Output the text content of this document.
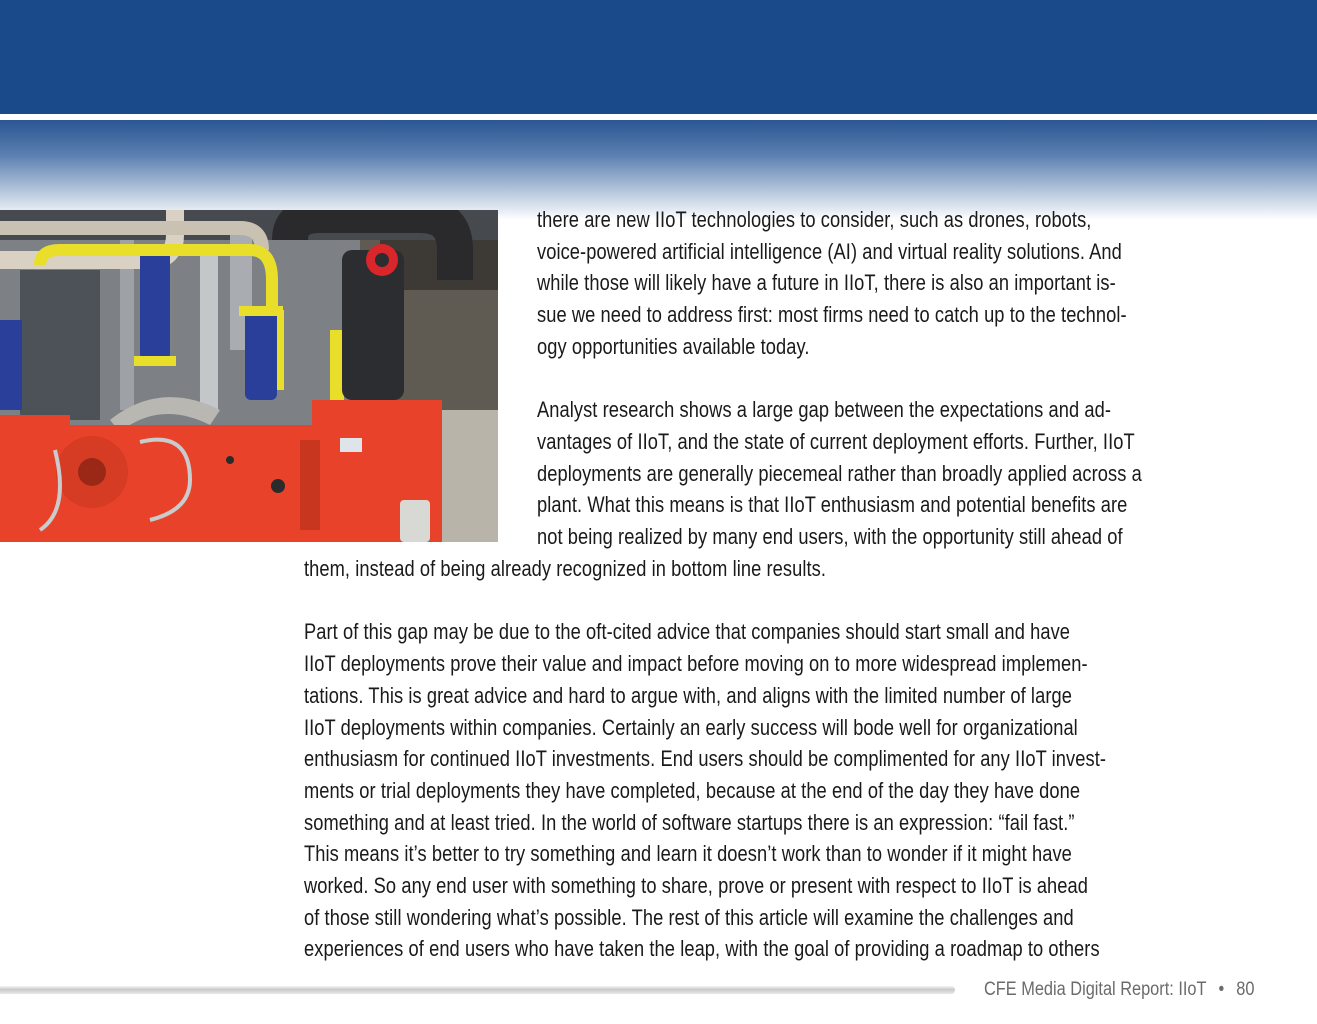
there are new IIoT technologies to consider, such as drones, robots,
voice-powered artificial intelligence (AI) and virtual reality solutions. And
while those will likely have a future in IIoT, there is also an important is-
sue we need to address first: most firms need to catch up to the technol-
ogy opportunities available today.
Analyst research shows a large gap between the expectations and ad-
vantages of IIoT, and the state of current deployment efforts. Further, IIoT
deployments are generally piecemeal rather than broadly applied across a
plant. What this means is that IIoT enthusiasm and potential benefits are
not being realized by many end users, with the opportunity still ahead of
them, instead of being already recognized in bottom line results.
Part of this gap may be due to the oft-cited advice that companies should start small and have
IIoT deployments prove their value and impact before moving on to more widespread implemen-
tations. This is great advice and hard to argue with, and aligns with the limited number of large
IIoT deployments within companies. Certainly an early success will bode well for organizational
enthusiasm for continued IIoT investments. End users should be complimented for any IIoT invest-
ments or trial deployments they have completed, because at the end of the day they have done
something and at least tried. In the world of software startups there is an expression: “fail fast.”
This means it’s better to try something and learn it doesn’t work than to wonder if it might have
worked. So any end user with something to share, prove or present with respect to IIoT is ahead
of those still wondering what’s possible. The rest of this article will examine the challenges and
experiences of end users who have taken the leap, with the goal of providing a roadmap to others
CFE Media Digital Report: IIoT • 80
